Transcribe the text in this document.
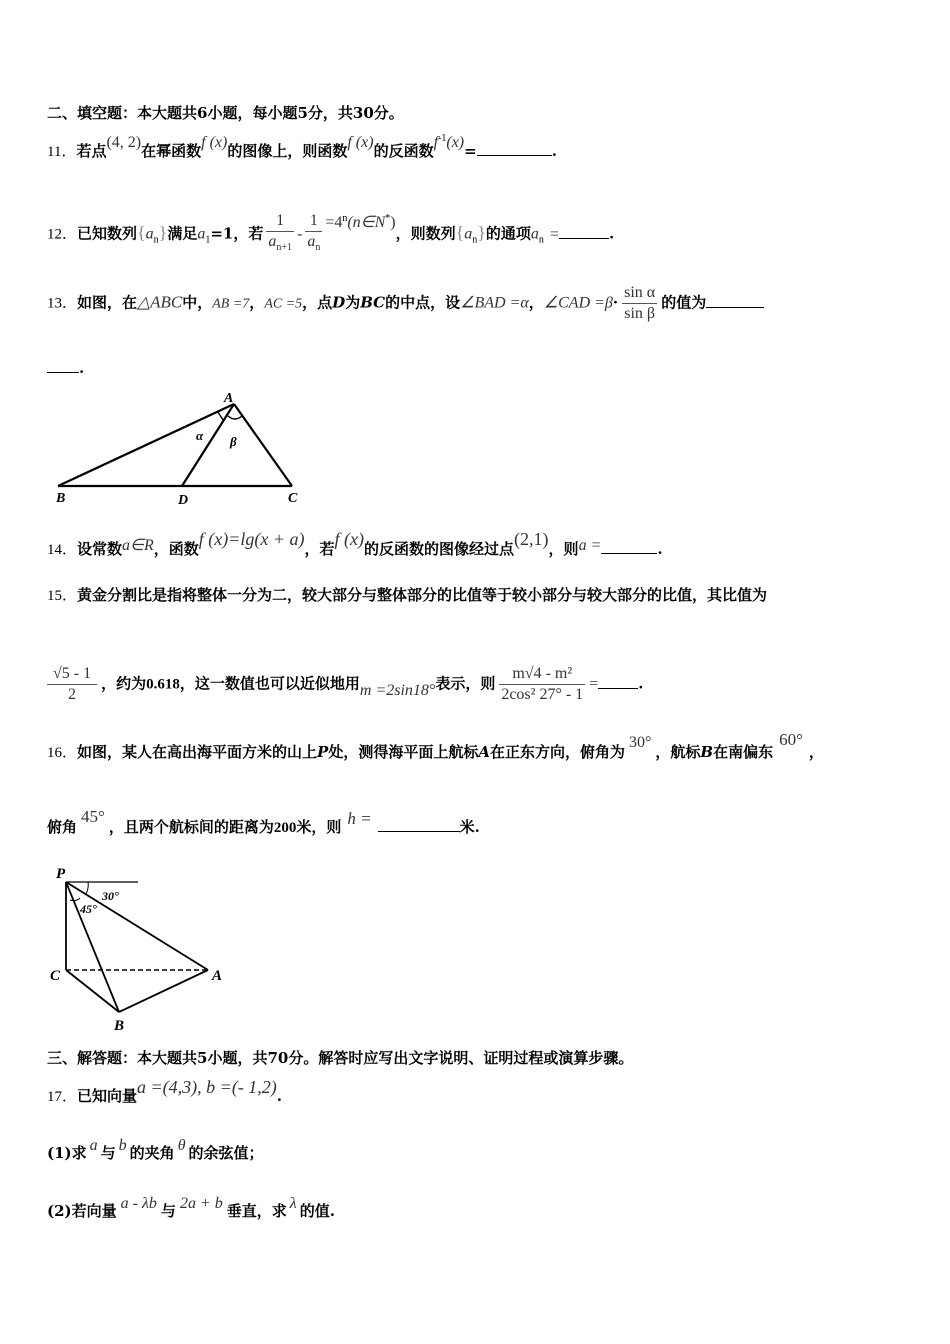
二、填空题：本大题共6小题，每小题5分，共30分。
11．若点(4, 2)在幂函数f (x)的图像上，则函数f (x)的反函数$f^{-1}(x)=$	.
12．已知数列$\{a_n\}$满足$a_1=1$，若 $\frac{1}{a_{n+1}} - \frac{1}{a_n}$ $=4^n(n\in N^*)$，则数列$\{a_n\}$的通项$a_n$ =	.
13．如图，在△ABC中，AB =7，AC =5，点D为BC的中点，设∠BAD =α，∠CAD $=\beta\cdot \frac{\text{sin α}}{\text{sin β}}$ 的值为
.
A
B	D	C
α β
14．设常数a∈R，函数f (x)=lg(x + a)，若f (x)的反函数的图像经过点(2,1)，则a =	.
15．黄金分割比是指将整体一分为二，较大部分与整体部分的比值等于较小部分与较大部分的比值，其比值为
$\frac{√5 - 1}{2}$ ，约为0.618，这一数值也可以近似地用m =2sin18°表示，则 $\frac{\text{m√4 - m²}}{\text{2cos² 27° - 1}}$ =	.
16．如图，某人在高出海平面方米的山上P处，测得海平面上航标A在正东方向，俯角为30°，航标B在南偏东60°，
俯角45°，且两个航标间的距离为200米，则 h =	米.
P
C	A
B
30°
45°
三、解答题：本大题共5小题，共70分。解答时应写出文字说明、证明过程或演算步骤。
17．已知向量a =(4,3), b =(- 1,2).
(1)求 a 与 b 的夹角 θ 的余弦值；
(2)若向量 a - λb 与 2a + b 垂直，求 λ 的值.
